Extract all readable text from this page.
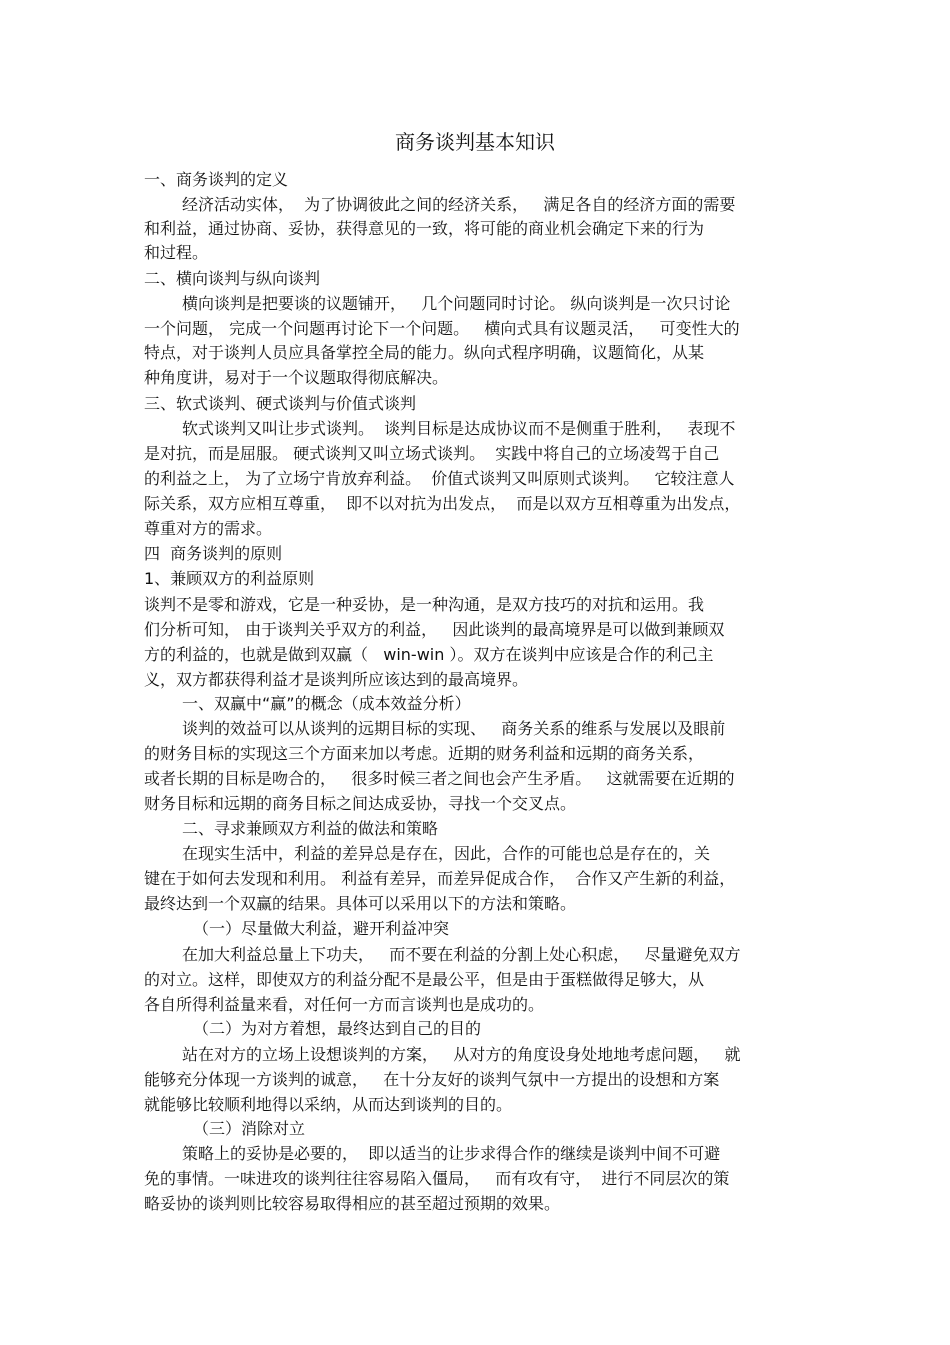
商务谈判基本知识
一、商务谈判的定义
经济活动实体，  为了协调彼此之间的经济关系，   满足各自的经济方面的需要
和利益，通过协商、妥协，获得意见的一致，将可能的商业机会确定下来的行为
和过程。
二、横向谈判与纵向谈判
横向谈判是把要谈的议题铺开，   几个问题同时讨论。 纵向谈判是一次只讨论
一个问题， 完成一个问题再讨论下一个问题。   横向式具有议题灵活，   可变性大的
特点，对于谈判人员应具备掌控全局的能力。纵向式程序明确，议题简化，从某
种角度讲，易对于一个议题取得彻底解决。
三、软式谈判、硬式谈判与价值式谈判
软式谈判又叫让步式谈判。  谈判目标是达成协议而不是侧重于胜利，   表现不
是对抗，而是屈服。 硬式谈判又叫立场式谈判。  实践中将自己的立场凌驾于自己
的利益之上， 为了立场宁肯放弃利益。  价值式谈判又叫原则式谈判。   它较注意人
际关系，双方应相互尊重，  即不以对抗为出发点，  而是以双方互相尊重为出发点，
尊重对方的需求。
四  商务谈判的原则
1、兼顾双方的利益原则
谈判不是零和游戏，它是一种妥协，是一种沟通，是双方技巧的对抗和运用。我
们分析可知， 由于谈判关乎双方的利益，   因此谈判的最高境界是可以做到兼顾双
方的利益的，也就是做到双赢（   win-win ）。双方在谈判中应该是合作的利己主
义，双方都获得利益才是谈判所应该达到的最高境界。
一、双赢中“赢”的概念（成本效益分析）
谈判的效益可以从谈判的远期目标的实现、   商务关系的维系与发展以及眼前
的财务目标的实现这三个方面来加以考虑。近期的财务利益和远期的商务关系，
或者长期的目标是吻合的，   很多时候三者之间也会产生矛盾。   这就需要在近期的
财务目标和远期的商务目标之间达成妥协，寻找一个交叉点。
二、寻求兼顾双方利益的做法和策略
在现实生活中，利益的差异总是存在，因此，合作的可能也总是存在的，关
键在于如何去发现和利用。 利益有差异，而差异促成合作，  合作又产生新的利益，
最终达到一个双赢的结果。具体可以采用以下的方法和策略。
（一）尽量做大利益，避开利益冲突
在加大利益总量上下功夫，   而不要在利益的分割上处心积虑，   尽量避免双方
的对立。这样，即使双方的利益分配不是最公平，但是由于蛋糕做得足够大，从
各自所得利益量来看，对任何一方而言谈判也是成功的。
（二）为对方着想，最终达到自己的目的
站在对方的立场上设想谈判的方案，   从对方的角度设身处地地考虑问题，   就
能够充分体现一方谈判的诚意，   在十分友好的谈判气氛中一方提出的设想和方案
就能够比较顺利地得以采纳，从而达到谈判的目的。
（三）消除对立
策略上的妥协是必要的，  即以适当的让步求得合作的继续是谈判中间不可避
免的事情。一味进攻的谈判往往容易陷入僵局，   而有攻有守，  进行不同层次的策
略妥协的谈判则比较容易取得相应的甚至超过预期的效果。
